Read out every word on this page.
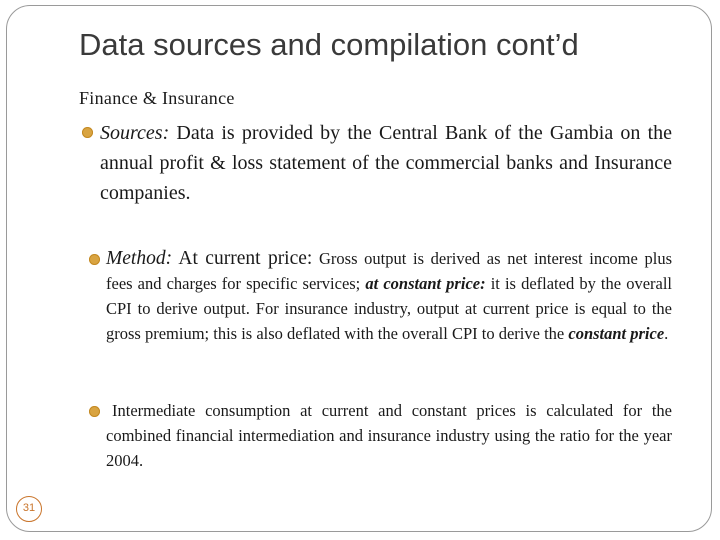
Data sources and compilation cont’d
Finance & Insurance
Sources: Data is provided by the Central Bank of the Gambia on the annual profit & loss statement of the commercial banks and Insurance companies.
Method: At current price: Gross output is derived as net interest income plus fees and charges for specific services; at constant price: it is deflated by the overall CPI to derive output. For insurance industry, output at current price is equal to the gross premium; this is also deflated with the overall CPI to derive the constant price.
Intermediate consumption at current and constant prices is calculated for the combined financial intermediation and insurance industry using the ratio for the year 2004.
31
